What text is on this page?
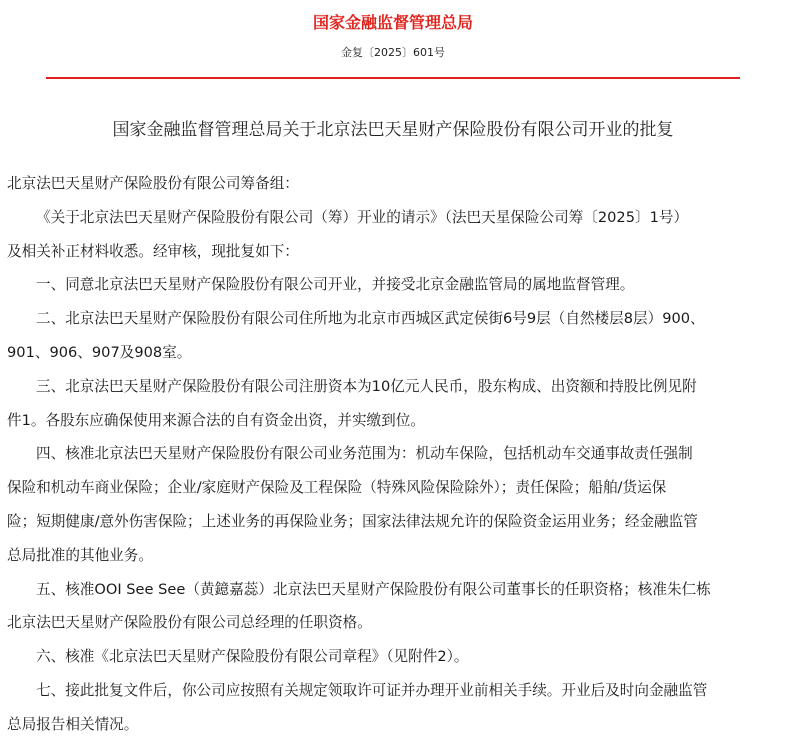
国家金融监督管理总局
金复〔2025〕601号
国家金融监督管理总局关于北京法巴天星财产保险股份有限公司开业的批复

北京法巴天星财产保险股份有限公司筹备组：

《关于北京法巴天星财产保险股份有限公司（筹）开业的请示》（法巴天星保险公司筹〔2025〕1号）

及相关补正材料收悉。经审核，现批复如下：

一、同意北京法巴天星财产保险股份有限公司开业，并接受北京金融监管局的属地监督管理。

二、北京法巴天星财产保险股份有限公司住所地为北京市西城区武定侯街6号9层（自然楼层8层）900、

901、906、907及908室。

三、北京法巴天星财产保险股份有限公司注册资本为10亿元人民币，股东构成、出资额和持股比例见附

件1。各股东应确保使用来源合法的自有资金出资，并实缴到位。

四、核准北京法巴天星财产保险股份有限公司业务范围为：机动车保险，包括机动车交通事故责任强制

保险和机动车商业保险；企业/家庭财产保险及工程保险（特殊风险保险除外）；责任保险；船舶/货运保

险；短期健康/意外伤害保险；上述业务的再保险业务；国家法律法规允许的保险资金运用业务；经金融监管

总局批准的其他业务。

五、核准OOI See See（黄鐿嘉蕊）北京法巴天星财产保险股份有限公司董事长的任职资格；核准朱仁栋

北京法巴天星财产保险股份有限公司总经理的任职资格。

六、核准《北京法巴天星财产保险股份有限公司章程》（见附件2）。

七、接此批复文件后，你公司应按照有关规定领取许可证并办理开业前相关手续。开业后及时向金融监管

总局报告相关情况。
